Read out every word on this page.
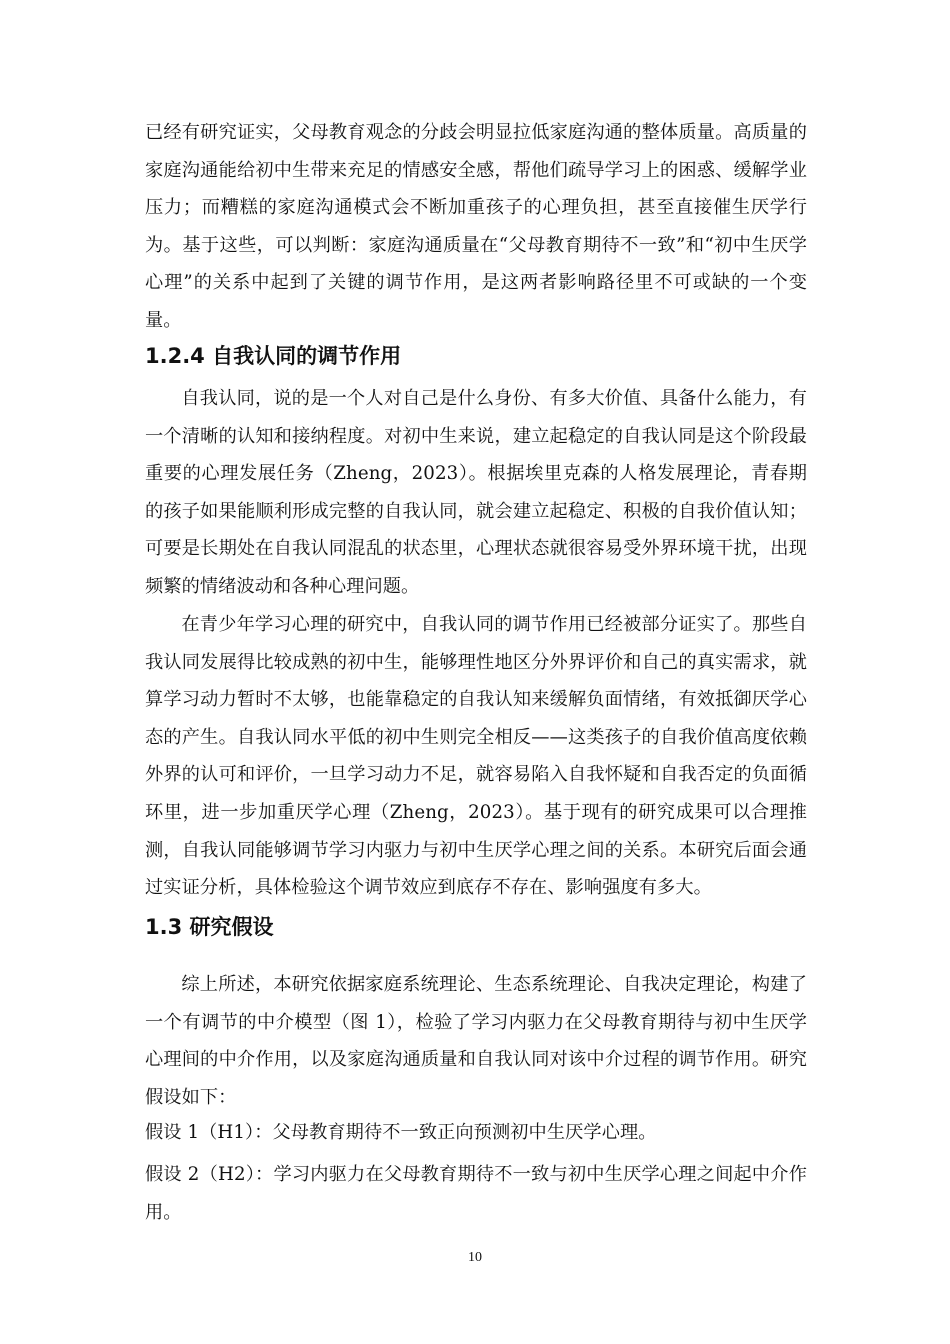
已经有研究证实，父母教育观念的分歧会明显拉低家庭沟通的整体质量。高质量的家庭沟通能给初中生带来充足的情感安全感，帮他们疏导学习上的困惑、缓解学业压力；而糟糕的家庭沟通模式会不断加重孩子的心理负担，甚至直接催生厌学行为。基于这些，可以判断：家庭沟通质量在“父母教育期待不一致”和“初中生厌学心理”的关系中起到了关键的调节作用，是这两者影响路径里不可或缺的一个变量。

1.2.4 自我认同的调节作用

自我认同，说的是一个人对自己是什么身份、有多大价值、具备什么能力，有一个清晰的认知和接纳程度。对初中生来说，建立起稳定的自我认同是这个阶段最重要的心理发展任务（Zheng，2023）。根据埃里克森的人格发展理论，青春期的孩子如果能顺利形成完整的自我认同，就会建立起稳定、积极的自我价值认知；可要是长期处在自我认同混乱的状态里，心理状态就很容易受外界环境干扰，出现频繁的情绪波动和各种心理问题。

在青少年学习心理的研究中，自我认同的调节作用已经被部分证实了。那些自我认同发展得比较成熟的初中生，能够理性地区分外界评价和自己的真实需求，就算学习动力暂时不太够，也能靠稳定的自我认知来缓解负面情绪，有效抵御厌学心态的产生。自我认同水平低的初中生则完全相反——这类孩子的自我价值高度依赖外界的认可和评价，一旦学习动力不足，就容易陷入自我怀疑和自我否定的负面循环里，进一步加重厌学心理（Zheng，2023）。基于现有的研究成果可以合理推测，自我认同能够调节学习内驱力与初中生厌学心理之间的关系。本研究后面会通过实证分析，具体检验这个调节效应到底存不存在、影响强度有多大。

1.3 研究假设

综上所述，本研究依据家庭系统理论、生态系统理论、自我决定理论，构建了一个有调节的中介模型（图 1），检验了学习内驱力在父母教育期待与初中生厌学心理间的中介作用，以及家庭沟通质量和自我认同对该中介过程的调节作用。研究假设如下：

假设 1（H1）：父母教育期待不一致正向预测初中生厌学心理。

假设 2（H2）：学习内驱力在父母教育期待不一致与初中生厌学心理之间起中介作用。

10
